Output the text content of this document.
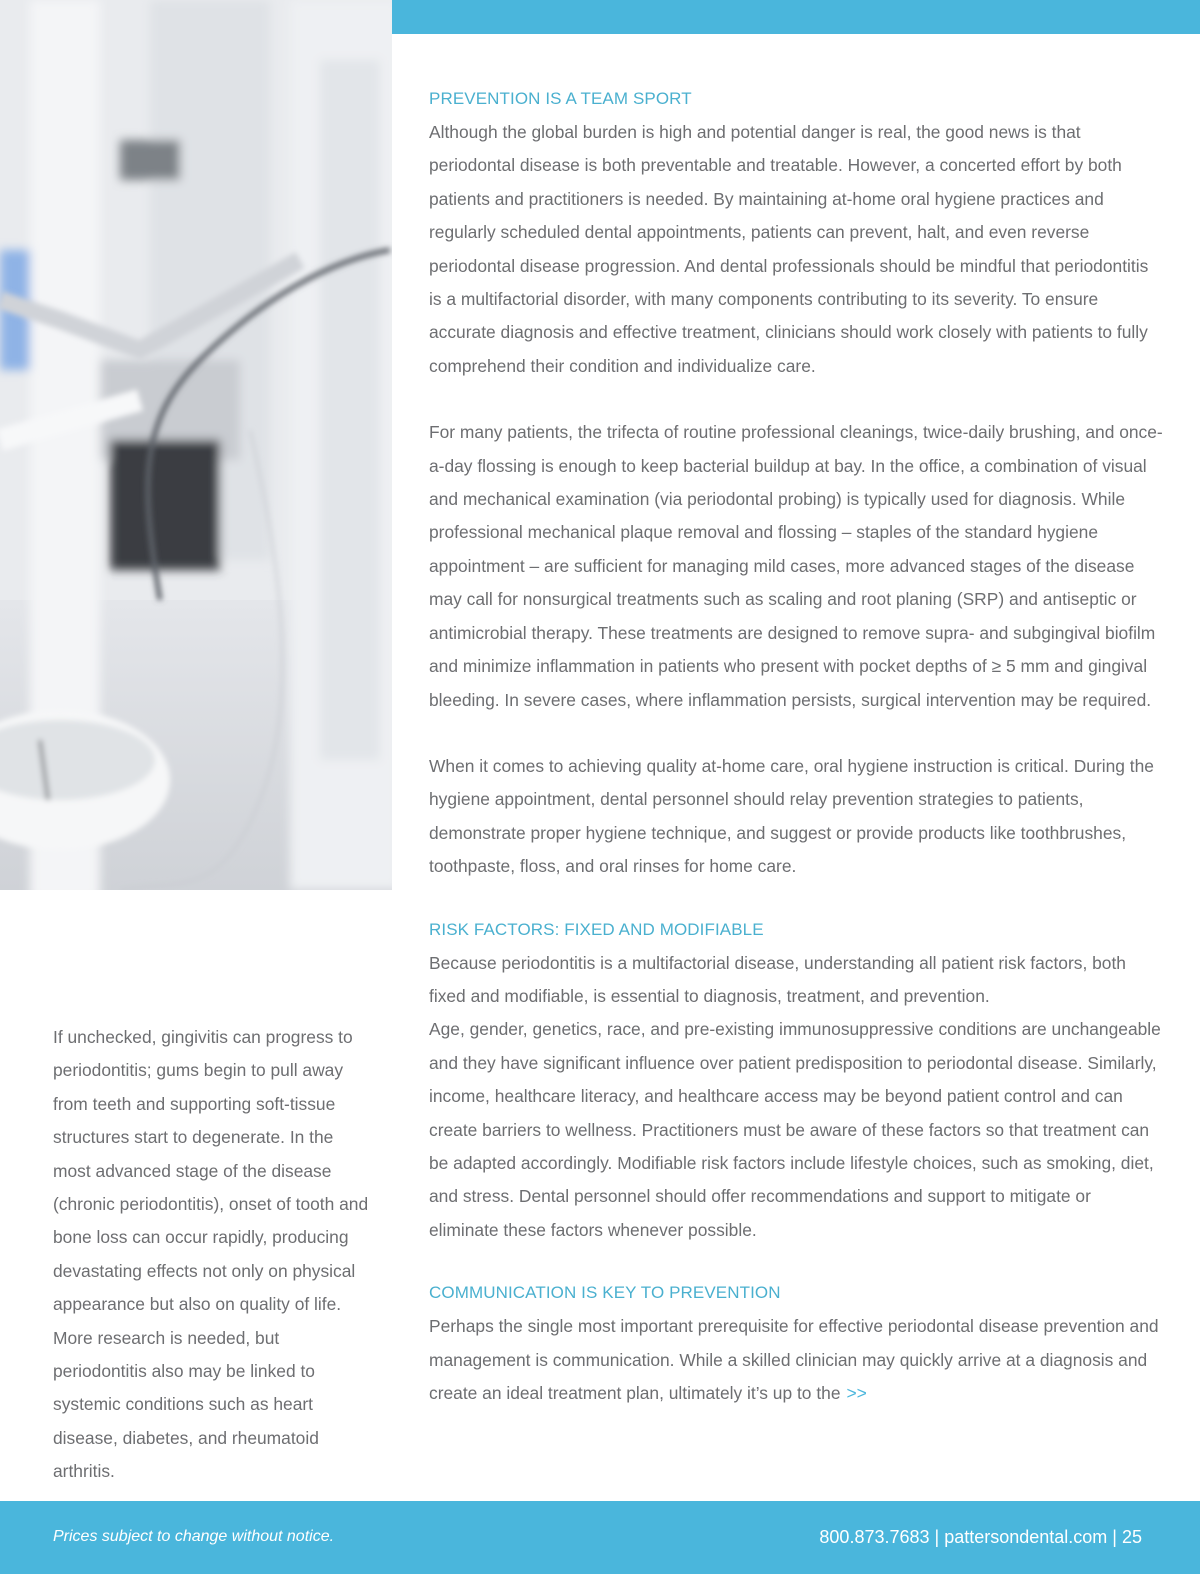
PREVENTION IS A TEAM SPORT

Although the global burden is high and potential danger is real, the good news is that periodontal disease is both preventable and treatable. However, a concerted effort by both patients and practitioners is needed. By maintaining at-home oral hygiene practices and regularly scheduled dental appointments, patients can prevent, halt, and even reverse periodontal disease progression. And dental professionals should be mindful that periodontitis is a multifactorial disorder, with many components contributing to its severity. To ensure accurate diagnosis and effective treatment, clinicians should work closely with patients to fully comprehend their condition and individualize care.

For many patients, the trifecta of routine professional cleanings, twice-daily brushing, and once-a-day flossing is enough to keep bacterial buildup at bay. In the office, a combination of visual and mechanical examination (via periodontal probing) is typically used for diagnosis. While professional mechanical plaque removal and flossing – staples of the standard hygiene appointment – are sufficient for managing mild cases, more advanced stages of the disease may call for nonsurgical treatments such as scaling and root planing (SRP) and antiseptic or antimicrobial therapy. These treatments are designed to remove supra- and subgingival biofilm and minimize inflammation in patients who present with pocket depths of ≥ 5 mm and gingival bleeding. In severe cases, where inflammation persists, surgical intervention may be required.

When it comes to achieving quality at-home care, oral hygiene instruction is critical. During the hygiene appointment, dental personnel should relay prevention strategies to patients, demonstrate proper hygiene technique, and suggest or provide products like toothbrushes, toothpaste, floss, and oral rinses for home care.

RISK FACTORS: FIXED AND MODIFIABLE

Because periodontitis is a multifactorial disease, understanding all patient risk factors, both fixed and modifiable, is essential to diagnosis, treatment, and prevention.

Age, gender, genetics, race, and pre-existing immunosuppressive conditions are unchangeable and they have significant influence over patient predisposition to periodontal disease. Similarly, income, healthcare literacy, and healthcare access may be beyond patient control and can create barriers to wellness. Practitioners must be aware of these factors so that treatment can be adapted accordingly. Modifiable risk factors include lifestyle choices, such as smoking, diet, and stress. Dental personnel should offer recommendations and support to mitigate or eliminate these factors whenever possible.

COMMUNICATION IS KEY TO PREVENTION

Perhaps the single most important prerequisite for effective periodontal disease prevention and management is communication. While a skilled clinician may quickly arrive at a diagnosis and create an ideal treatment plan, ultimately it’s up to the >>

If unchecked, gingivitis can progress to periodontitis; gums begin to pull away from teeth and supporting soft-tissue structures start to degenerate. In the most advanced stage of the disease (chronic periodontitis), onset of tooth and bone loss can occur rapidly, producing devastating effects not only on physical appearance but also on quality of life. More research is needed, but periodontitis also may be linked to systemic conditions such as heart disease, diabetes, and rheumatoid arthritis.
Prices subject to change without notice.	800.873.7683 | pattersondental.com | 25
